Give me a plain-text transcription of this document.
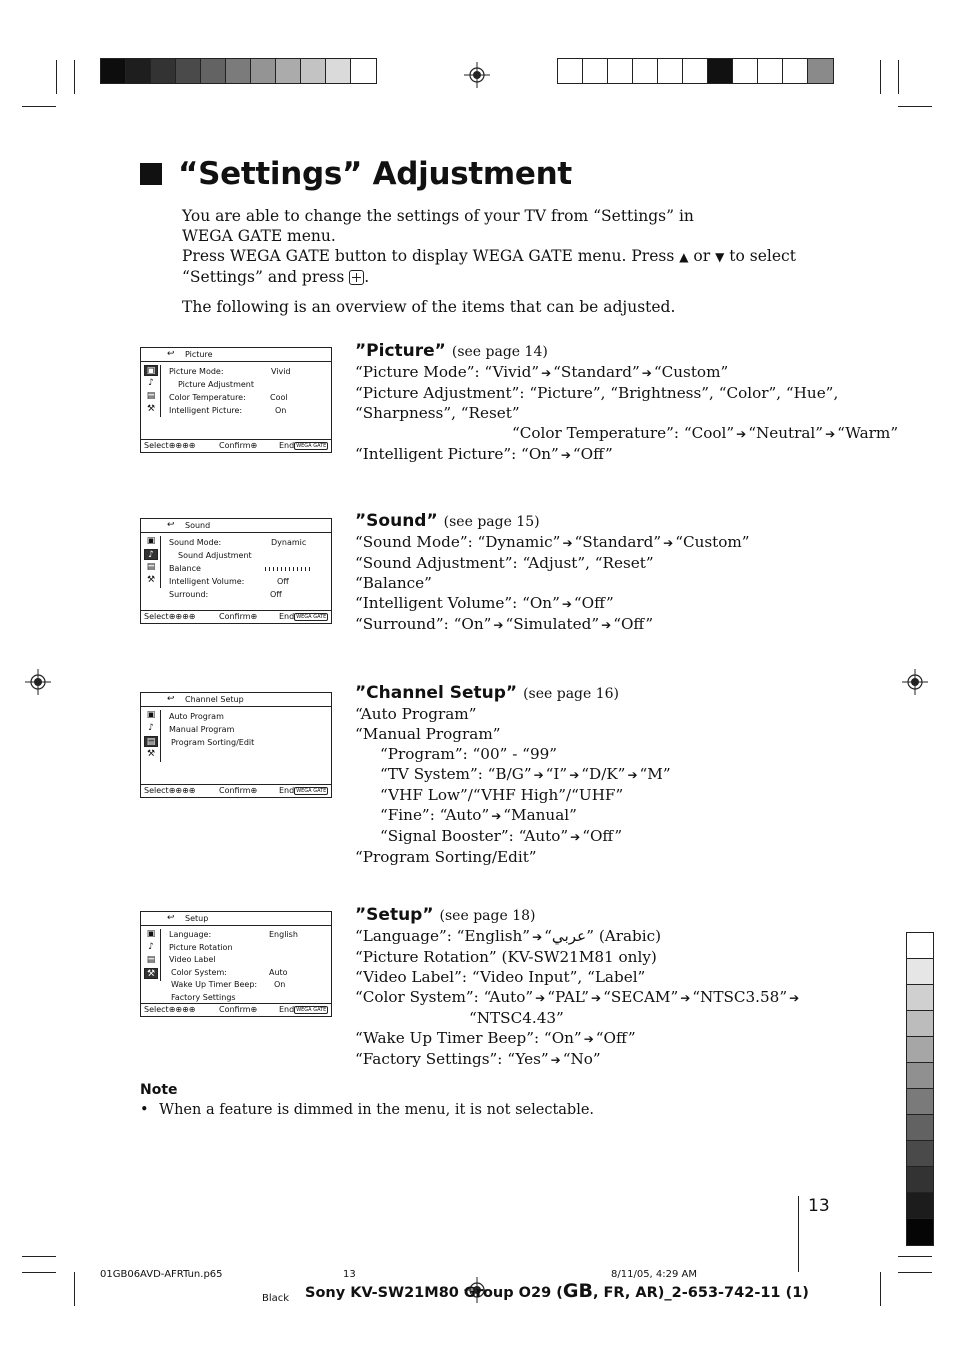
“Settings” Adjustment

You are able to change the settings of your TV from “Settings” in

WEGA GATE menu.

Press WEGA GATE button to display WEGA GATE menu. Press ▲ or ▼ to select

“Settings” and press .

The following is an overview of the items that can be adjusted.

↩ Picture
▣
♪
▤
⚒
Picture Mode:	Vivid
Picture Adjustment
Color Temperature:	Cool
Intelligent Picture:	On
Select⊕⊕⊕⊕	Confirm⊕	End WEGA GATE
↩ Sound
▣
♪
▤
⚒
Sound Mode:	Dynamic
Sound Adjustment
Balance
Intelligent Volume:	Off
Surround:	Off
Select⊕⊕⊕⊕	Confirm⊕	End WEGA GATE
↩ Channel Setup
▣
♪
▤
⚒
Auto Program
Manual Program
Program Sorting/Edit
Select⊕⊕⊕⊕	Confirm⊕	End WEGA GATE
↩ Setup
▣
♪
▤
⚒
Language:	English
Picture Rotation
Video Label
Color System:	Auto
Wake Up Timer Beep: On
Factory Settings
Select⊕⊕⊕⊕	Confirm⊕	End WEGA GATE
”Picture” (see page 14)
“Picture Mode”: “Vivid” ➔ “Standard” ➔ “Custom”
“Picture Adjustment”: “Picture”, “Brightness”, “Color”, “Hue”,
“Sharpness”, “Reset”
“Color Temperature”: “Cool” ➔ “Neutral” ➔ “Warm”
“Intelligent Picture”: “On” ➔ “Off”
”Sound” (see page 15)
“Sound Mode”: “Dynamic” ➔ “Standard” ➔ “Custom”
“Sound Adjustment”: “Adjust”, “Reset”
“Balance”
“Intelligent Volume”: “On” ➔ “Off”
“Surround”: “On” ➔ “Simulated” ➔ “Off”
”Channel Setup” (see page 16)
“Auto Program”
“Manual Program”
“Program”: “00” - “99”
“TV System”: “B/G” ➔ “I” ➔ “D/K” ➔ “M”
“VHF Low”/“VHF High”/“UHF”
“Fine”: “Auto” ➔ “Manual”
“Signal Booster”: “Auto” ➔ “Off”
“Program Sorting/Edit”
”Setup” (see page 18)
“Language”: “English” ➔ “عربي” (Arabic)
“Picture Rotation” (KV-SW21M81 only)
“Video Label”: “Video Input”, “Label”
“Color System”: “Auto” ➔ “PAL” ➔ “SECAM” ➔ “NTSC3.58” ➔
“NTSC4.43”
“Wake Up Timer Beep”: “On” ➔ “Off”
“Factory Settings”: “Yes” ➔ “No”
Note
• When a feature is dimmed in the menu, it is not selectable.
13
01GB06AVD-AFRTun.p65	13	8/11/05, 4:29 AM
Black Sony KV-SW21M80 Group O29 (GB, FR, AR)_2-653-742-11 (1)
